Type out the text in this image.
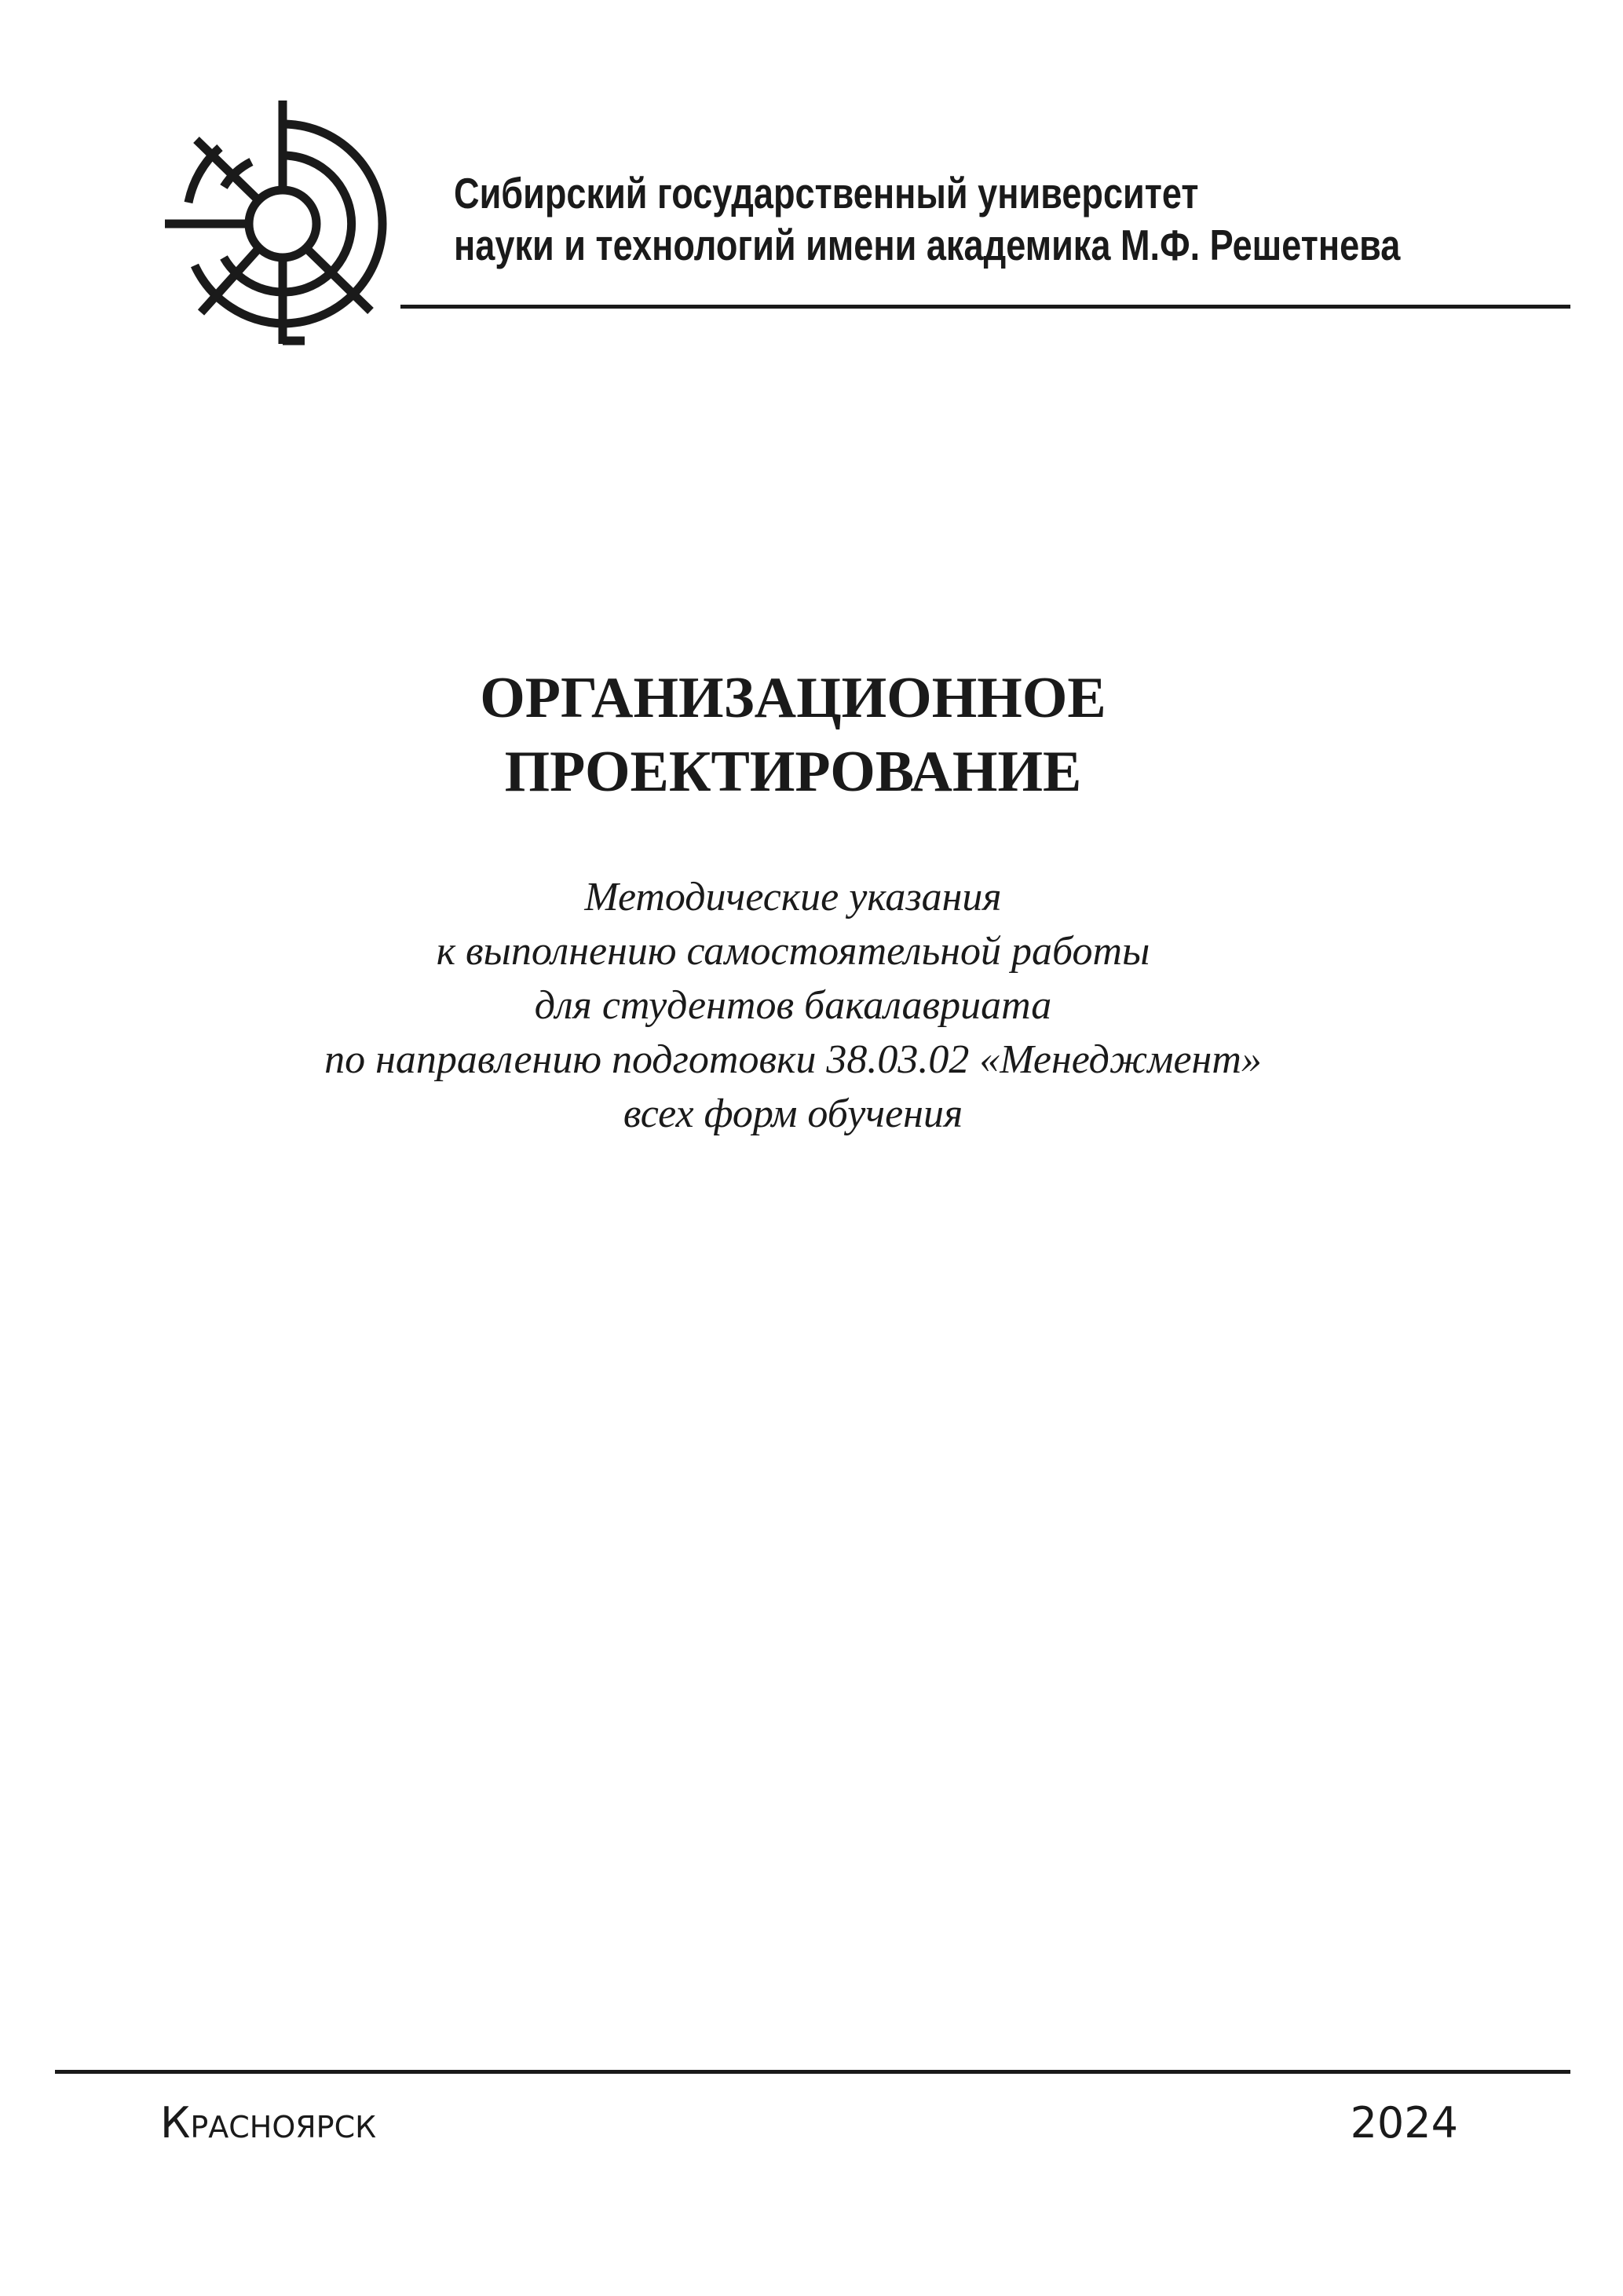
Сибирский государственный университет
науки и технологий имени академика М.Ф. Решетнева
ОРГАНИЗАЦИОННОЕ
ПРОЕКТИРОВАНИЕ
Методические указания
к выполнению самостоятельной работы
для студентов бакалавриата
по направлению подготовки 38.03.02 «Менеджмент»
всех форм обучения
Красноярск	2024
